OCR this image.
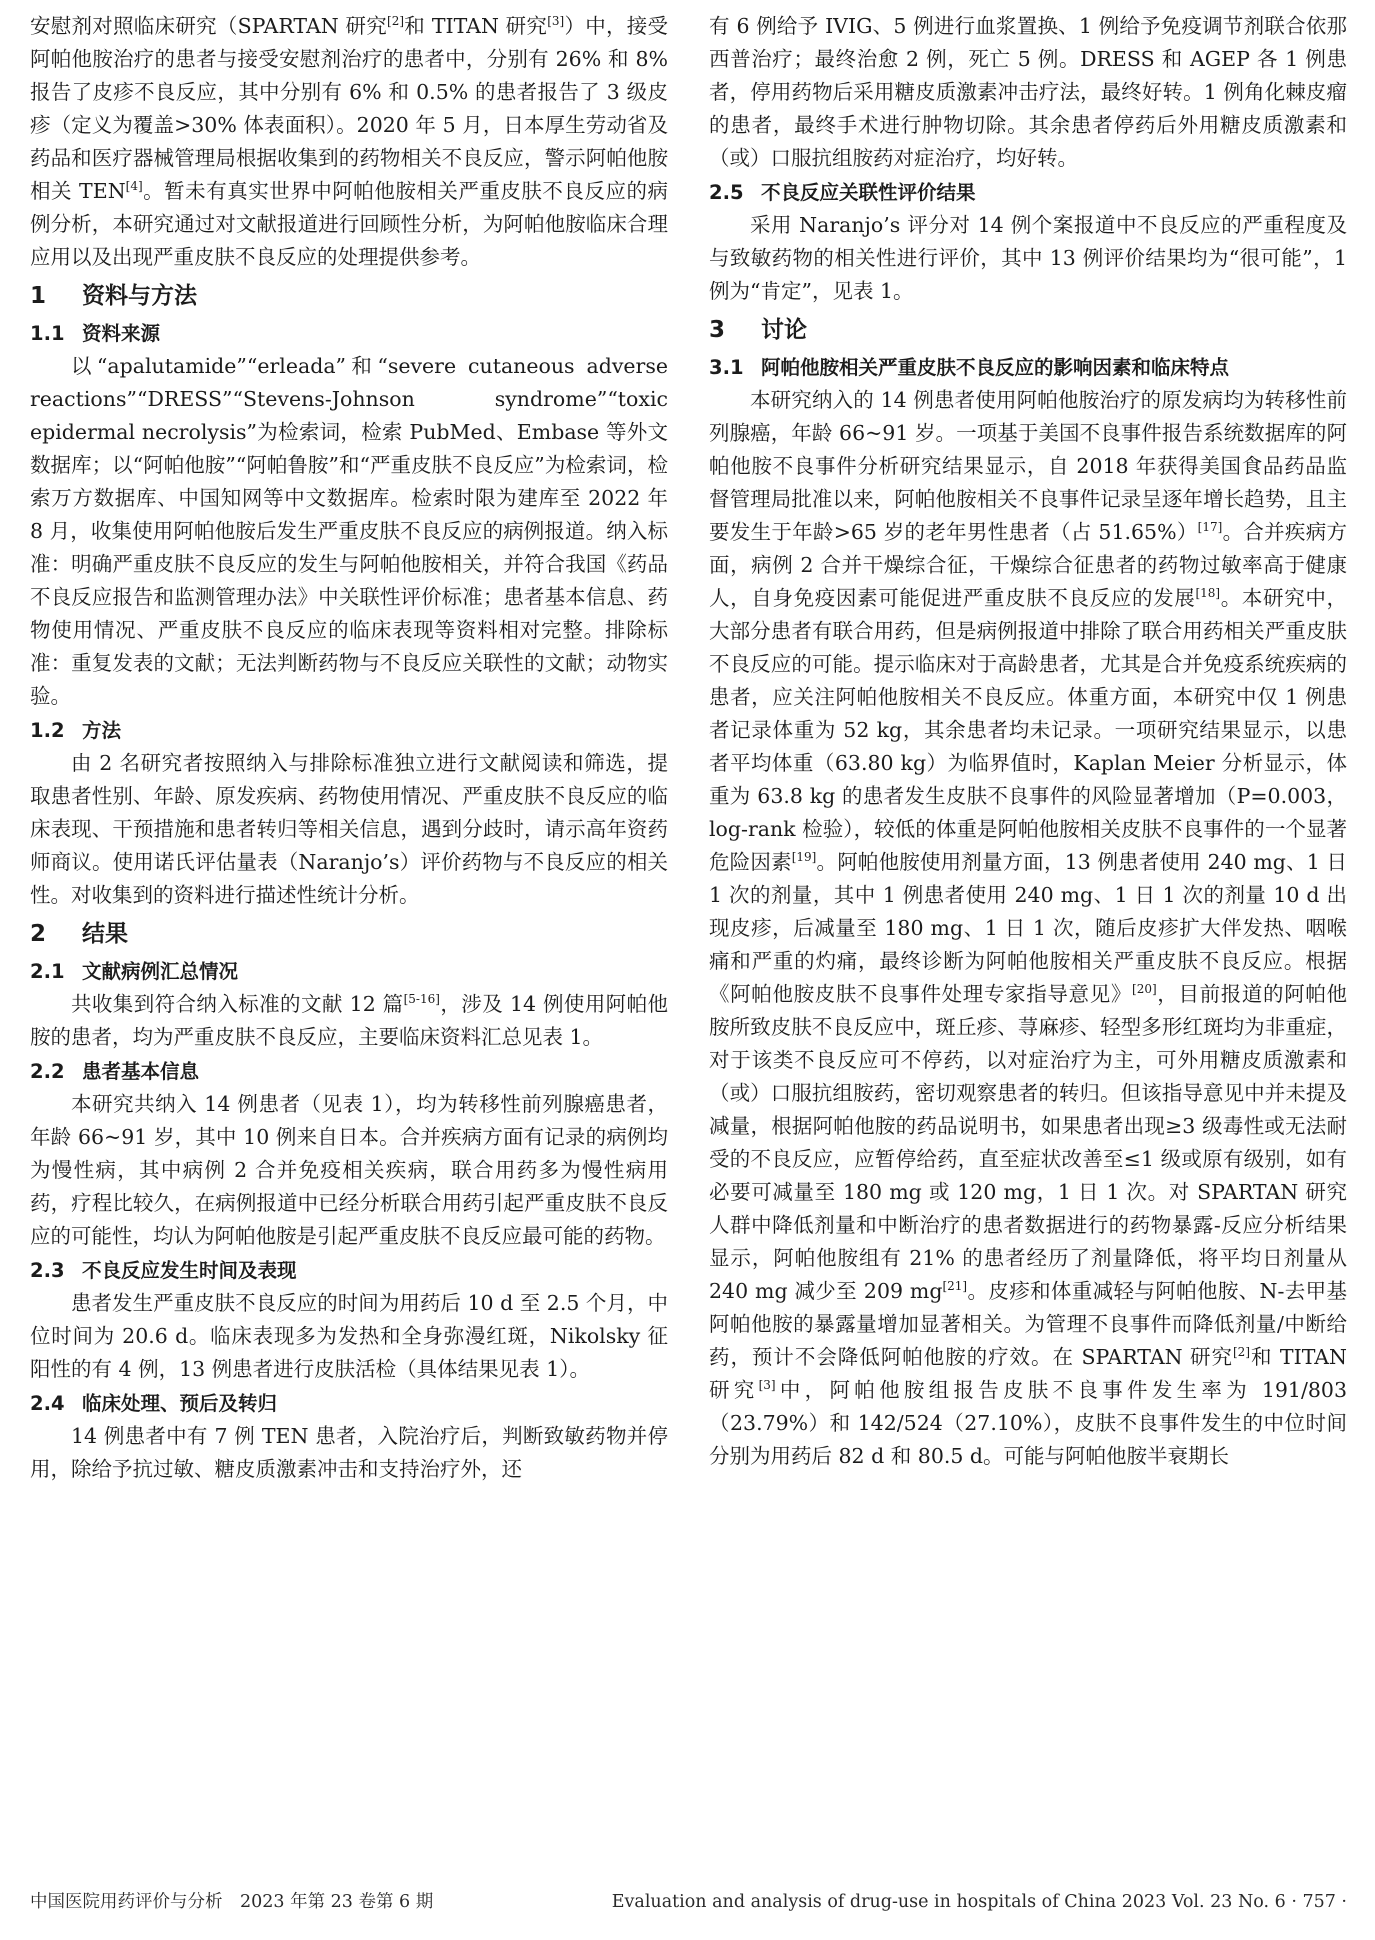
安慰剂对照临床研究（SPARTAN 研究[2]和 TITAN 研究[3]）中，接受阿帕他胺治疗的患者与接受安慰剂治疗的患者中，分别有 26% 和 8% 报告了皮疹不良反应，其中分别有 6% 和 0.5% 的患者报告了 3 级皮疹（定义为覆盖>30% 体表面积）。2020 年 5 月，日本厚生劳动省及药品和医疗器械管理局根据收集到的药物相关不良反应，警示阿帕他胺相关 TEN[4]。暂未有真实世界中阿帕他胺相关严重皮肤不良反应的病例分析，本研究通过对文献报道进行回顾性分析，为阿帕他胺临床合理应用以及出现严重皮肤不良反应的处理提供参考。

1 资料与方法
1.1 资料来源

以“apalutamide”“erleada”和“severe cutaneous adverse reactions”“DRESS”“Stevens-Johnson syndrome”“toxic epidermal necrolysis”为检索词，检索 PubMed、Embase 等外文数据库；以“阿帕他胺”“阿帕鲁胺”和“严重皮肤不良反应”为检索词，检索万方数据库、中国知网等中文数据库。检索时限为建库至 2022 年 8 月，收集使用阿帕他胺后发生严重皮肤不良反应的病例报道。纳入标准：明确严重皮肤不良反应的发生与阿帕他胺相关，并符合我国《药品不良反应报告和监测管理办法》中关联性评价标准；患者基本信息、药物使用情况、严重皮肤不良反应的临床表现等资料相对完整。排除标准：重复发表的文献；无法判断药物与不良反应关联性的文献；动物实验。

1.2 方法

由 2 名研究者按照纳入与排除标准独立进行文献阅读和筛选，提取患者性别、年龄、原发疾病、药物使用情况、严重皮肤不良反应的临床表现、干预措施和患者转归等相关信息，遇到分歧时，请示高年资药师商议。使用诺氏评估量表（Naranjo’s）评价药物与不良反应的相关性。对收集到的资料进行描述性统计分析。

2 结果
2.1 文献病例汇总情况

共收集到符合纳入标准的文献 12 篇[5-16]，涉及 14 例使用阿帕他胺的患者，均为严重皮肤不良反应，主要临床资料汇总见表 1。

2.2 患者基本信息

本研究共纳入 14 例患者（见表 1），均为转移性前列腺癌患者，年龄 66~91 岁，其中 10 例来自日本。合并疾病方面有记录的病例均为慢性病，其中病例 2 合并免疫相关疾病，联合用药多为慢性病用药，疗程比较久，在病例报道中已经分析联合用药引起严重皮肤不良反应的可能性，均认为阿帕他胺是引起严重皮肤不良反应最可能的药物。

2.3 不良反应发生时间及表现

患者发生严重皮肤不良反应的时间为用药后 10 d 至 2.5 个月，中位时间为 20.6 d。临床表现多为发热和全身弥漫红斑，Nikolsky 征阳性的有 4 例，13 例患者进行皮肤活检（具体结果见表 1）。

2.4 临床处理、预后及转归

14 例患者中有 7 例 TEN 患者，入院治疗后，判断致敏药物并停用，除给予抗过敏、糖皮质激素冲击和支持治疗外，还

有 6 例给予 IVIG、5 例进行血浆置换、1 例给予免疫调节剂联合依那西普治疗；最终治愈 2 例，死亡 5 例。DRESS 和 AGEP 各 1 例患者，停用药物后采用糖皮质激素冲击疗法，最终好转。1 例角化棘皮瘤的患者，最终手术进行肿物切除。其余患者停药后外用糖皮质激素和（或）口服抗组胺药对症治疗，均好转。

2.5 不良反应关联性评价结果

采用 Naranjo’s 评分对 14 例个案报道中不良反应的严重程度及与致敏药物的相关性进行评价，其中 13 例评价结果均为“很可能”，1 例为“肯定”，见表 1。

3 讨论
3.1 阿帕他胺相关严重皮肤不良反应的影响因素和临床特点

本研究纳入的 14 例患者使用阿帕他胺治疗的原发病均为转移性前列腺癌，年龄 66~91 岁。一项基于美国不良事件报告系统数据库的阿帕他胺不良事件分析研究结果显示，自 2018 年获得美国食品药品监督管理局批准以来，阿帕他胺相关不良事件记录呈逐年增长趋势，且主要发生于年龄>65 岁的老年男性患者（占 51.65%）[17]。合并疾病方面，病例 2 合并干燥综合征，干燥综合征患者的药物过敏率高于健康人，自身免疫因素可能促进严重皮肤不良反应的发展[18]。本研究中，大部分患者有联合用药，但是病例报道中排除了联合用药相关严重皮肤不良反应的可能。提示临床对于高龄患者，尤其是合并免疫系统疾病的患者，应关注阿帕他胺相关不良反应。体重方面，本研究中仅 1 例患者记录体重为 52 kg，其余患者均未记录。一项研究结果显示，以患者平均体重（63.80 kg）为临界值时，Kaplan Meier 分析显示，体重为 63.8 kg 的患者发生皮肤不良事件的风险显著增加（P=0.003，log-rank 检验），较低的体重是阿帕他胺相关皮肤不良事件的一个显著危险因素[19]。阿帕他胺使用剂量方面，13 例患者使用 240 mg、1 日 1 次的剂量，其中 1 例患者使用 240 mg、1 日 1 次的剂量 10 d 出现皮疹，后减量至 180 mg、1 日 1 次，随后皮疹扩大伴发热、咽喉痛和严重的灼痛，最终诊断为阿帕他胺相关严重皮肤不良反应。根据《阿帕他胺皮肤不良事件处理专家指导意见》[20]，目前报道的阿帕他胺所致皮肤不良反应中，斑丘疹、荨麻疹、轻型多形红斑均为非重症，对于该类不良反应可不停药，以对症治疗为主，可外用糖皮质激素和（或）口服抗组胺药，密切观察患者的转归。但该指导意见中并未提及减量，根据阿帕他胺的药品说明书，如果患者出现≥3 级毒性或无法耐受的不良反应，应暂停给药，直至症状改善至≤1 级或原有级别，如有必要可减量至 180 mg 或 120 mg，1 日 1 次。对 SPARTAN 研究人群中降低剂量和中断治疗的患者数据进行的药物暴露-反应分析结果显示，阿帕他胺组有 21% 的患者经历了剂量降低，将平均日剂量从 240 mg 减少至 209 mg[21]。皮疹和体重减轻与阿帕他胺、N-去甲基阿帕他胺的暴露量增加显著相关。为管理不良事件而降低剂量/中断给药，预计不会降低阿帕他胺的疗效。在 SPARTAN 研究[2]和 TITAN 研究[3]中，阿帕他胺组报告皮肤不良事件发生率为 191/803（23.79%）和 142/524（27.10%），皮肤不良事件发生的中位时间分别为用药后 82 d 和 80.5 d。可能与阿帕他胺半衰期长

中国医院用药评价与分析　2023 年第 23 卷第 6 期	Evaluation and analysis of drug-use in hospitals of China 2023 Vol. 23 No. 6 · 757 ·
